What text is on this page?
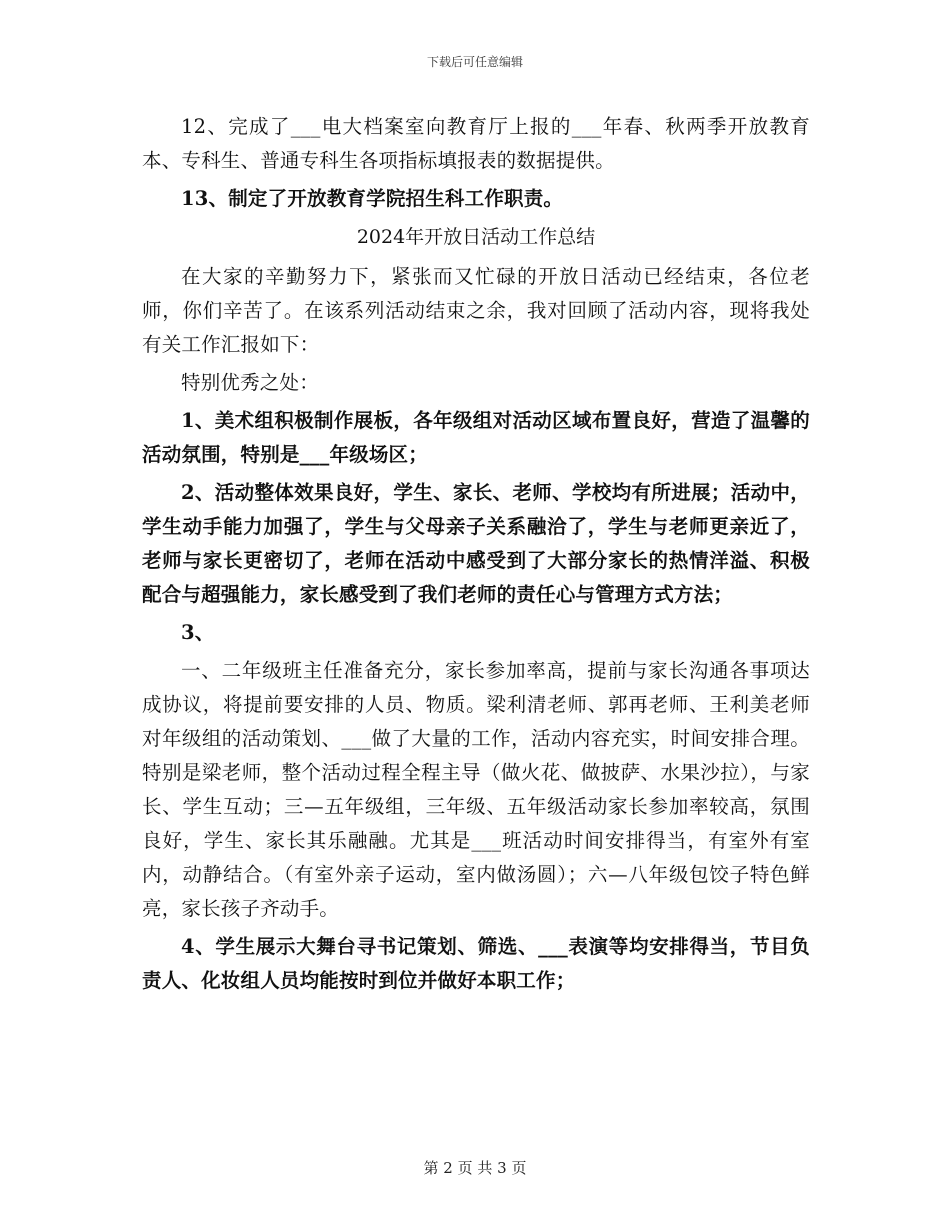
下载后可任意编辑

12、完成了___电大档案室向教育厅上报的___年春、秋两季开放教育本、专科生、普通专科生各项指标填报表的数据提供。

13、制定了开放教育学院招生科工作职责。

2024年开放日活动工作总结

在大家的辛勤努力下，紧张而又忙碌的开放日活动已经结束，各位老师，你们辛苦了。在该系列活动结束之余，我对回顾了活动内容，现将我处有关工作汇报如下：

特别优秀之处：

1、美术组积极制作展板，各年级组对活动区域布置良好，营造了温馨的活动氛围，特别是___年级场区；

2、活动整体效果良好，学生、家长、老师、学校均有所进展；活动中，学生动手能力加强了，学生与父母亲子关系融洽了，学生与老师更亲近了，老师与家长更密切了，老师在活动中感受到了大部分家长的热情洋溢、积极配合与超强能力，家长感受到了我们老师的责任心与管理方式方法；

3、

一、二年级班主任准备充分，家长参加率高，提前与家长沟通各事项达成协议，将提前要安排的人员、物质。梁利清老师、郭再老师、王利美老师对年级组的活动策划、___做了大量的工作，活动内容充实，时间安排合理。特别是梁老师，整个活动过程全程主导（做火花、做披萨、水果沙拉），与家长、学生互动；三—五年级组，三年级、五年级活动家长参加率较高，氛围良好，学生、家长其乐融融。尤其是___班活动时间安排得当，有室外有室内，动静结合。（有室外亲子运动，室内做汤圆）；六—八年级包饺子特色鲜亮，家长孩子齐动手。

4、学生展示大舞台寻书记策划、筛选、___表演等均安排得当，节目负责人、化妆组人员均能按时到位并做好本职工作；

第 2 页 共 3 页
